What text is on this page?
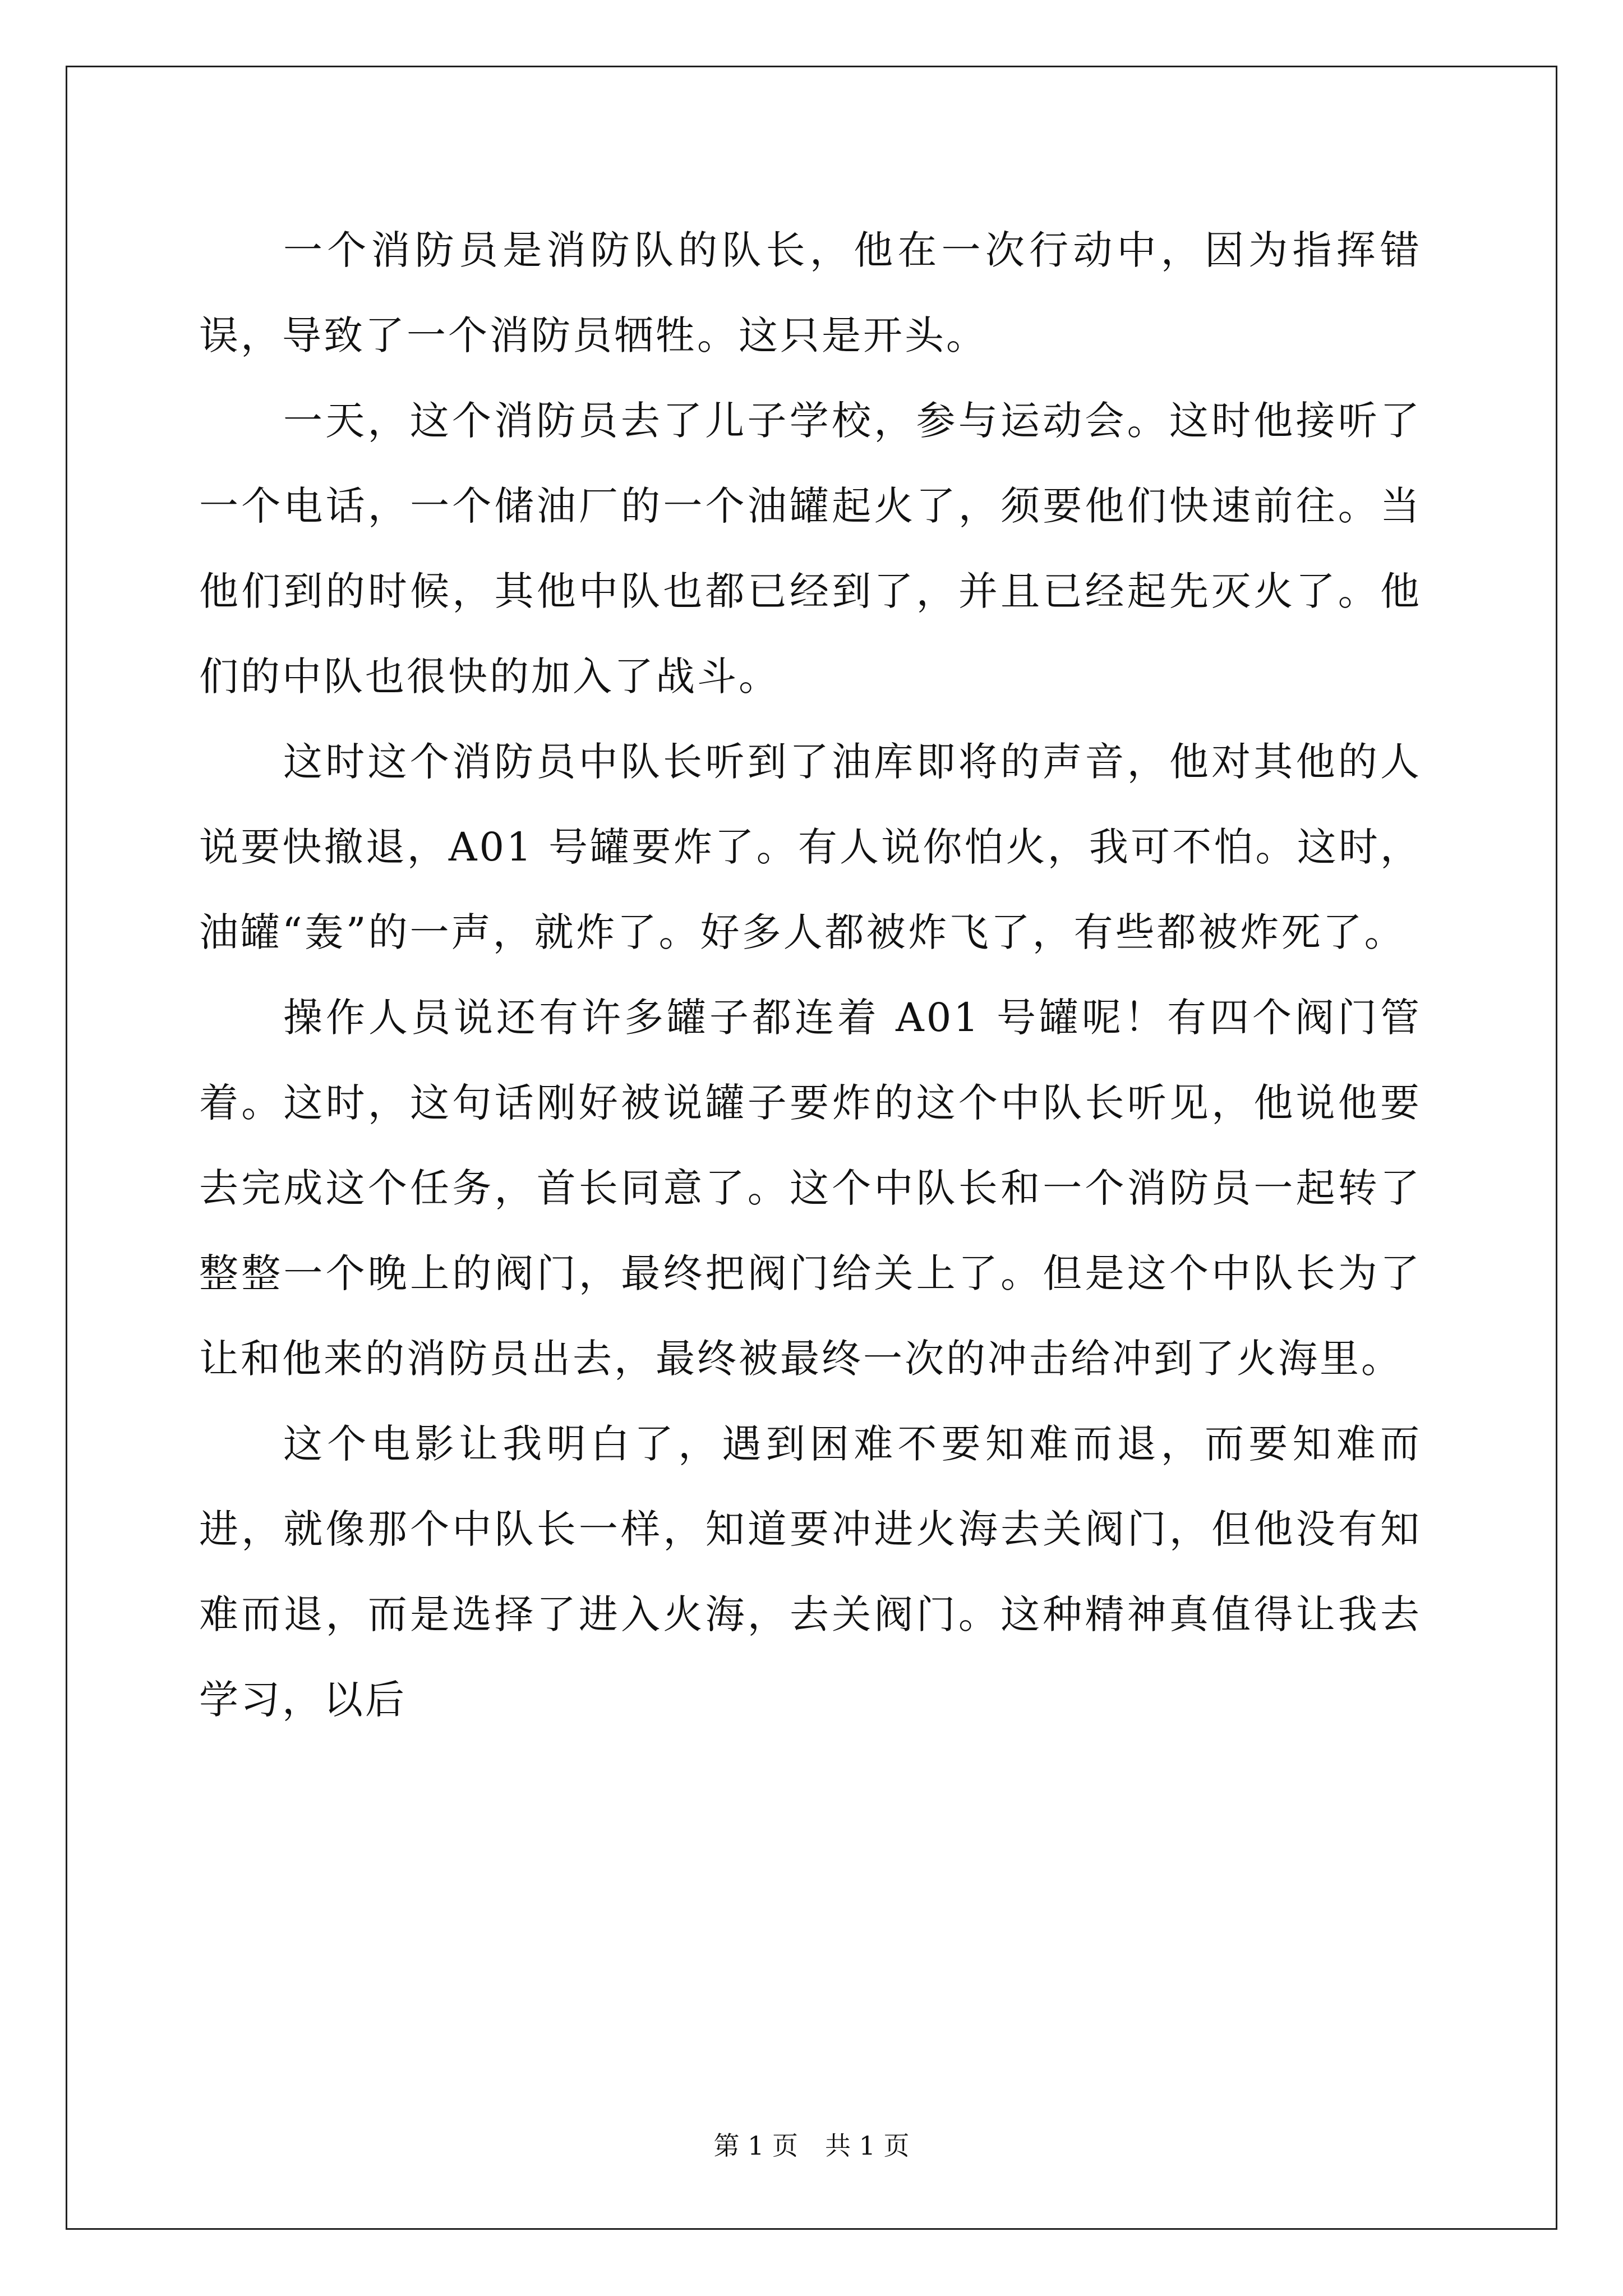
一个消防员是消防队的队长，他在一次行动中，因为指挥错误，导致了一个消防员牺牲。这只是开头。

一天，这个消防员去了儿子学校，参与运动会。这时他接听了一个电话，一个储油厂的一个油罐起火了，须要他们快速前往。当他们到的时候，其他中队也都已经到了，并且已经起先灭火了。他们的中队也很快的加入了战斗。

这时这个消防员中队长听到了油库即将的声音，他对其他的人说要快撤退，A01 号罐要炸了。有人说你怕火，我可不怕。这时，油罐“轰”的一声，就炸了。好多人都被炸飞了，有些都被炸死了。

操作人员说还有许多罐子都连着 A01 号罐呢！有四个阀门管着。这时，这句话刚好被说罐子要炸的这个中队长听见，他说他要去完成这个任务，首长同意了。这个中队长和一个消防员一起转了整整一个晚上的阀门，最终把阀门给关上了。但是这个中队长为了让和他来的消防员出去，最终被最终一次的冲击给冲到了火海里。

这个电影让我明白了，遇到困难不要知难而退，而要知难而进，就像那个中队长一样，知道要冲进火海去关阀门，但他没有知难而退，而是选择了进入火海，去关阀门。这种精神真值得让我去学习，以后

第 1 页 共 1 页
